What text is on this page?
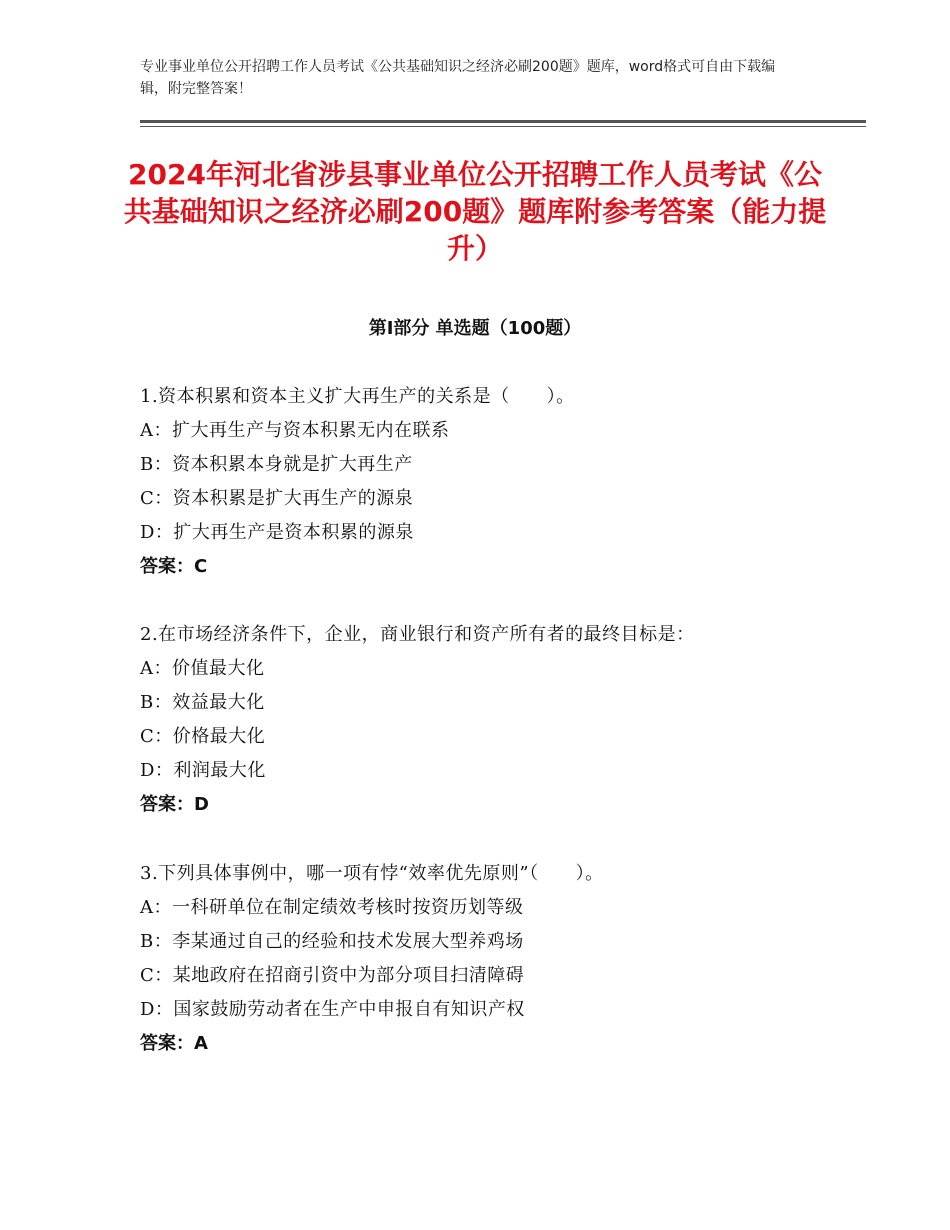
专业事业单位公开招聘工作人员考试《公共基础知识之经济必刷200题》题库，word格式可自由下载编辑，附完整答案！
2024年河北省涉县事业单位公开招聘工作人员考试《公共基础知识之经济必刷200题》题库附参考答案（能力提升）
第Ⅰ部分 单选题（100题）
1.资本积累和资本主义扩大再生产的关系是（　　）。
A：扩大再生产与资本积累无内在联系
B：资本积累本身就是扩大再生产
C：资本积累是扩大再生产的源泉
D：扩大再生产是资本积累的源泉
答案：C
2.在市场经济条件下，企业，商业银行和资产所有者的最终目标是：
A：价值最大化
B：效益最大化
C：价格最大化
D：利润最大化
答案：D
3.下列具体事例中，哪一项有悖“效率优先原则”（　　）。
A：一科研单位在制定绩效考核时按资历划等级
B：李某通过自己的经验和技术发展大型养鸡场
C：某地政府在招商引资中为部分项目扫清障碍
D：国家鼓励劳动者在生产中申报自有知识产权
答案：A
